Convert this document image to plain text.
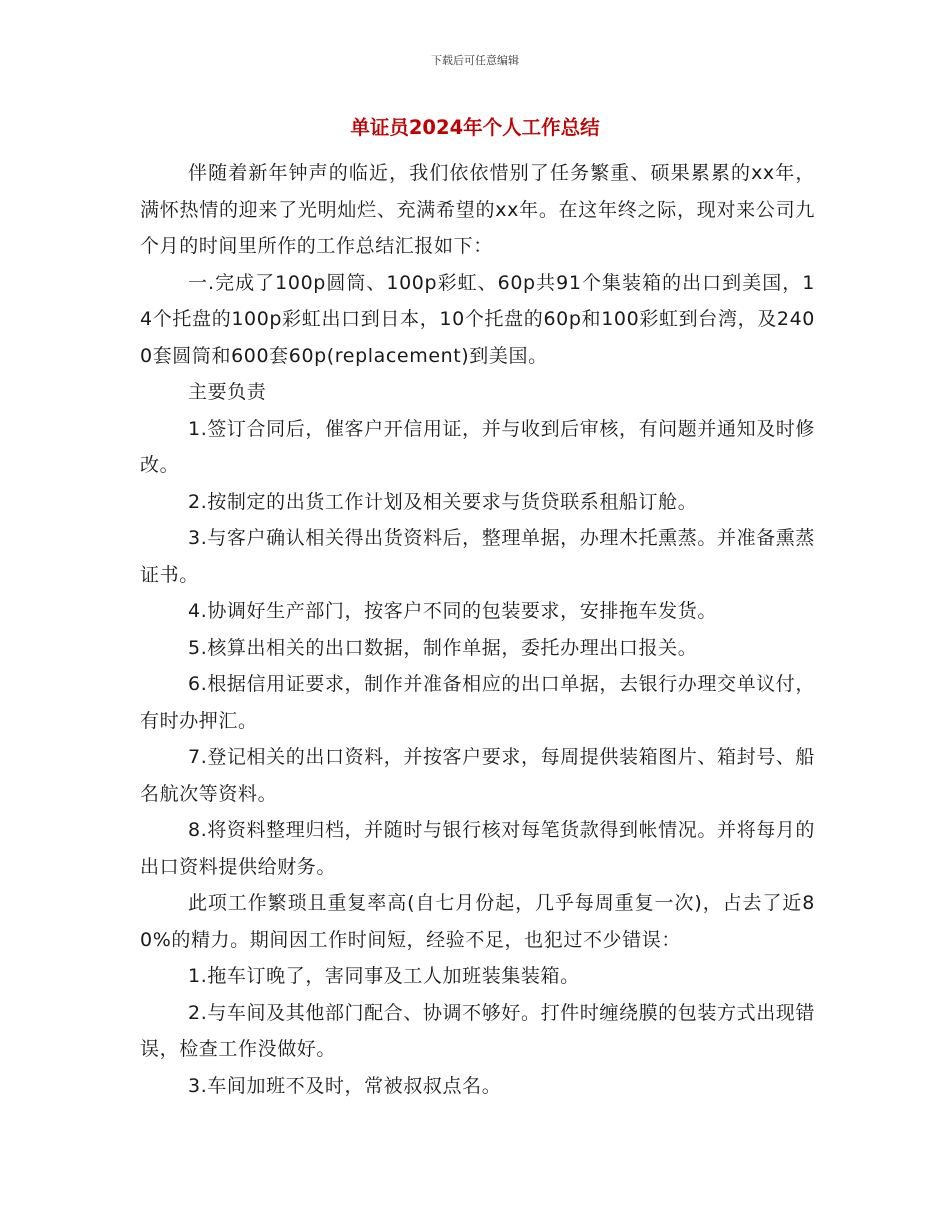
下载后可任意编辑
单证员2024年个人工作总结

伴随着新年钟声的临近，我们依依惜别了任务繁重、硕果累累的xx年，满怀热情的迎来了光明灿烂、充满希望的xx年。在这年终之际，现对来公司九个月的时间里所作的工作总结汇报如下：

一.完成了100p圆筒、100p彩虹、60p共91个集装箱的出口到美国，14个托盘的100p彩虹出口到日本，10个托盘的60p和100彩虹到台湾，及2400套圆筒和600套60p(replacement)到美国。

主要负责

1.签订合同后，催客户开信用证，并与收到后审核，有问题并通知及时修改。

2.按制定的出货工作计划及相关要求与货贷联系租船订舱。

3.与客户确认相关得出货资料后，整理单据，办理木托熏蒸。并准备熏蒸证书。

4.协调好生产部门，按客户不同的包装要求，安排拖车发货。

5.核算出相关的出口数据，制作单据，委托办理出口报关。

6.根据信用证要求，制作并准备相应的出口单据，去银行办理交单议付，有时办押汇。

7.登记相关的出口资料，并按客户要求，每周提供装箱图片、箱封号、船名航次等资料。

8.将资料整理归档，并随时与银行核对每笔货款得到帐情况。并将每月的出口资料提供给财务。

此项工作繁琐且重复率高(自七月份起，几乎每周重复一次)，占去了近80%的精力。期间因工作时间短，经验不足，也犯过不少错误：

1.拖车订晚了，害同事及工人加班装集装箱。

2.与车间及其他部门配合、协调不够好。打件时缠绕膜的包装方式出现错误，检查工作没做好。

3.车间加班不及时，常被叔叔点名。
